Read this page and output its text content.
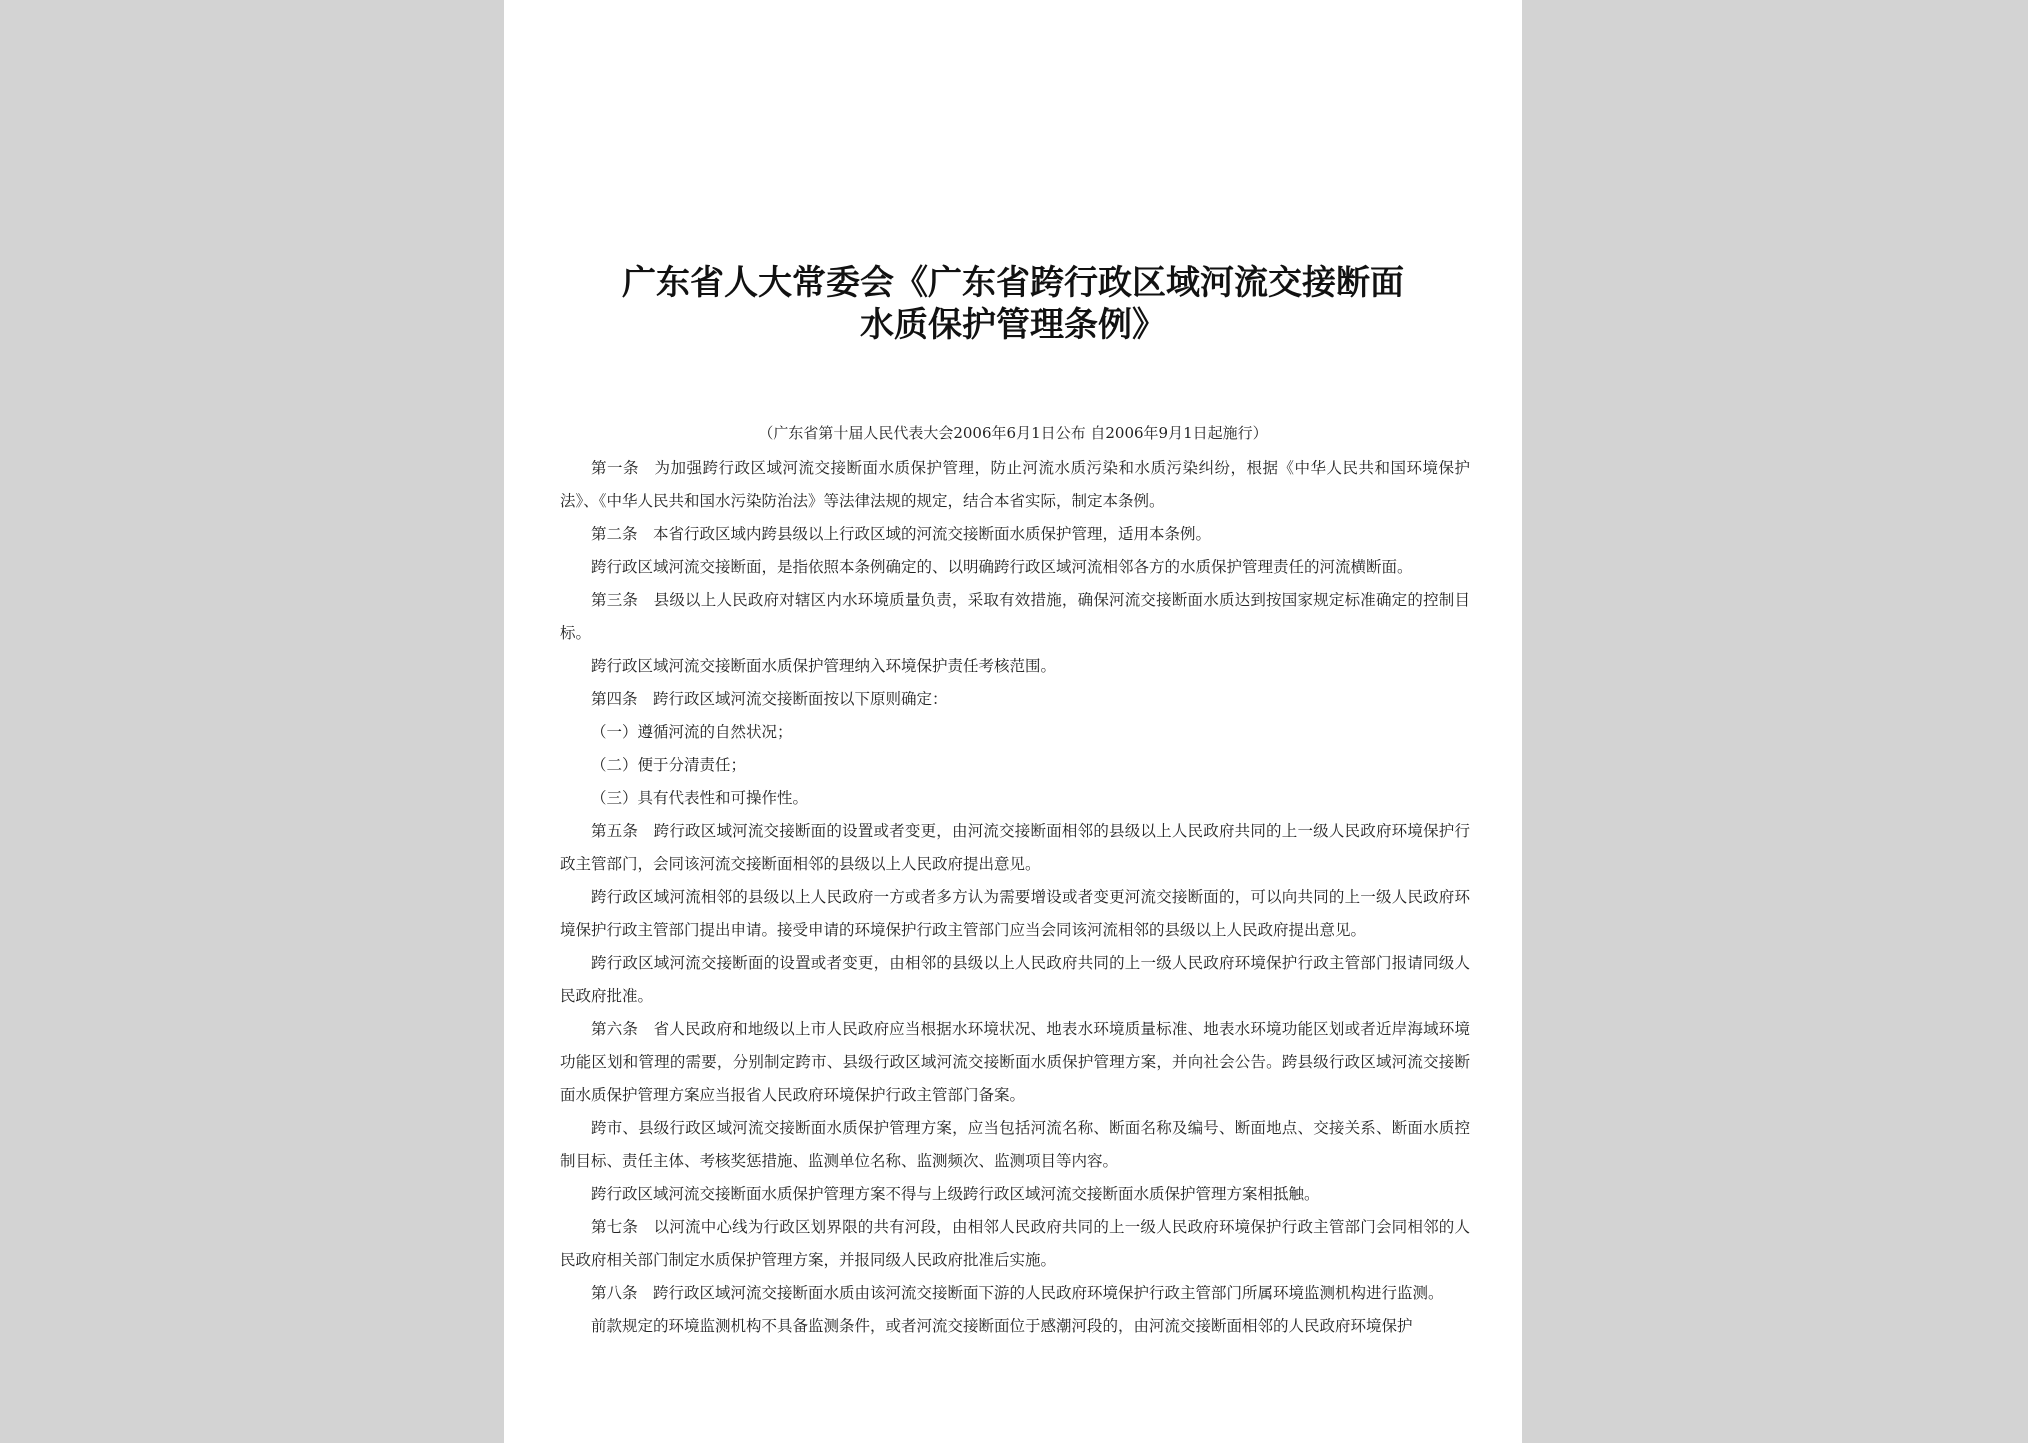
广东省人大常委会《广东省跨行政区域河流交接断面
水质保护管理条例》
（广东省第十届人民代表大会2006年6月1日公布 自2006年9月1日起施行）

第一条 为加强跨行政区域河流交接断面水质保护管理，防止河流水质污染和水质污染纠纷，根据《中华人民共和国环境保护法》、《中华人民共和国水污染防治法》等法律法规的规定，结合本省实际，制定本条例。

第二条 本省行政区域内跨县级以上行政区域的河流交接断面水质保护管理，适用本条例。

跨行政区域河流交接断面，是指依照本条例确定的、以明确跨行政区域河流相邻各方的水质保护管理责任的河流横断面。

第三条 县级以上人民政府对辖区内水环境质量负责，采取有效措施，确保河流交接断面水质达到按国家规定标准确定的控制目标。

跨行政区域河流交接断面水质保护管理纳入环境保护责任考核范围。

第四条 跨行政区域河流交接断面按以下原则确定：

（一）遵循河流的自然状况；

（二）便于分清责任；

（三）具有代表性和可操作性。

第五条 跨行政区域河流交接断面的设置或者变更，由河流交接断面相邻的县级以上人民政府共同的上一级人民政府环境保护行政主管部门，会同该河流交接断面相邻的县级以上人民政府提出意见。

跨行政区域河流相邻的县级以上人民政府一方或者多方认为需要增设或者变更河流交接断面的，可以向共同的上一级人民政府环境保护行政主管部门提出申请。接受申请的环境保护行政主管部门应当会同该河流相邻的县级以上人民政府提出意见。

跨行政区域河流交接断面的设置或者变更，由相邻的县级以上人民政府共同的上一级人民政府环境保护行政主管部门报请同级人民政府批准。

第六条 省人民政府和地级以上市人民政府应当根据水环境状况、地表水环境质量标准、地表水环境功能区划或者近岸海域环境功能区划和管理的需要，分别制定跨市、县级行政区域河流交接断面水质保护管理方案，并向社会公告。跨县级行政区域河流交接断面水质保护管理方案应当报省人民政府环境保护行政主管部门备案。

跨市、县级行政区域河流交接断面水质保护管理方案，应当包括河流名称、断面名称及编号、断面地点、交接关系、断面水质控制目标、责任主体、考核奖惩措施、监测单位名称、监测频次、监测项目等内容。

跨行政区域河流交接断面水质保护管理方案不得与上级跨行政区域河流交接断面水质保护管理方案相抵触。

第七条 以河流中心线为行政区划界限的共有河段，由相邻人民政府共同的上一级人民政府环境保护行政主管部门会同相邻的人民政府相关部门制定水质保护管理方案，并报同级人民政府批准后实施。

第八条 跨行政区域河流交接断面水质由该河流交接断面下游的人民政府环境保护行政主管部门所属环境监测机构进行监测。

前款规定的环境监测机构不具备监测条件，或者河流交接断面位于感潮河段的，由河流交接断面相邻的人民政府环境保护
